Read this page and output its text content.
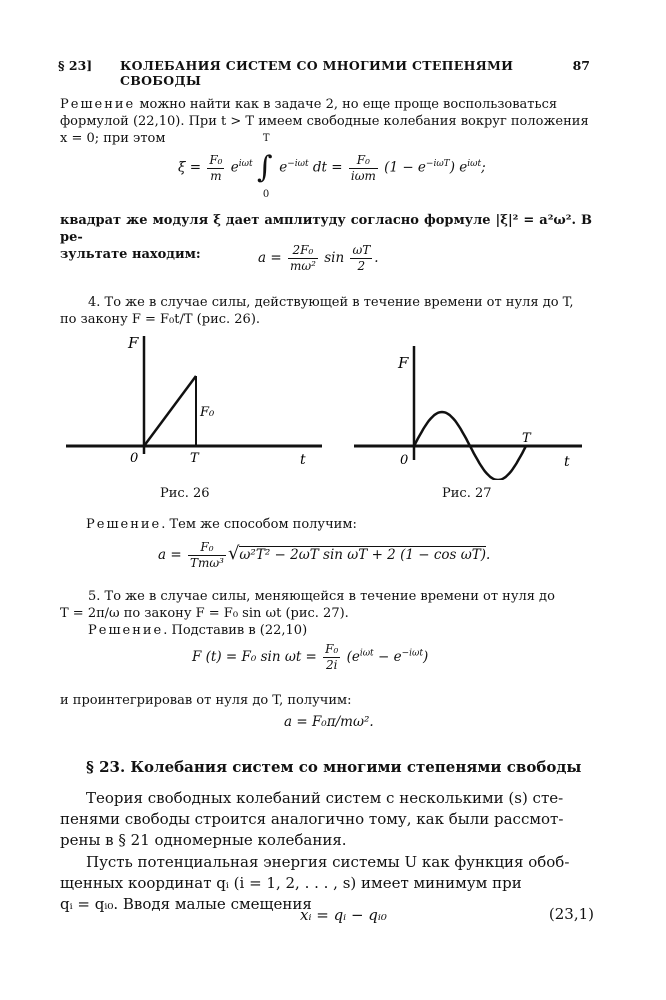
§ 23] КОЛЕБАНИЯ СИСТЕМ СО МНОГИМИ СТЕПЕНЯМИ СВОБОДЫ
87
Решение можно найти как в задаче 2, но еще проще воспользоваться
формулой (22,10). При t > T имеем свободные колебания вокруг положения
x = 0; при этом
$\xi = \frac{\text{F₀}}{m} e^{i\omega t}$ ∫
T
0
$e^{-i\omega t}$ dt = $\frac{\text{F₀}}{\text{iωm}} (1 - e^{-i\omega T})$ $e^{i\omega t}$;
квадрат же модуля ξ дает амплитуду согласно формуле |ξ|² = a²ω². В ре-
зультате находим:	$a = \frac{\text{2F₀}}{\text{mω²}}$ $\sin \frac{\omega T}{2}$ .
4. То же в случае силы, действующей в течение времени от нуля до T,
по закону F = F₀t/T (рис. 26).
F
F₀
0	T	t
Рис. 26
F
0
T
t
Рис. 27
Решение. Тем же способом получим:
$a = \frac{\text{F₀}}{\text{Tmω³}} √\omega^2T^2 - 2\omega T$ sin ωT + 2 (1 − cos ωT).
5. То же в случае силы, меняющейся в течение времени от нуля до
T = 2π/ω по закону F = F₀ sin ωt (рис. 27).
Решение. Подставив в (22,10)
F (t) = F₀ $\sin \omega t = \frac{\text{F₀}}{2i} (e^{i\omega t} - e^{-i\omega t})$
и проинтегрировав от нуля до T, получим:
a = F₀π/mω².
§ 23. Колебания систем со многими степенями свободы
Теория свободных колебаний систем с несколькими (s) сте-
пенями свободы строится аналогично тому, как были рассмот-
рены в § 21 одномерные колебания.
Пусть потенциальная энергия системы U как функция обоб-
щенных координат qᵢ (i = 1, 2, . . . , s) имеет минимум при
qᵢ = qᵢ₀. Вводя малые смещения
xᵢ = qᵢ − qᵢ₀	(23,1)
